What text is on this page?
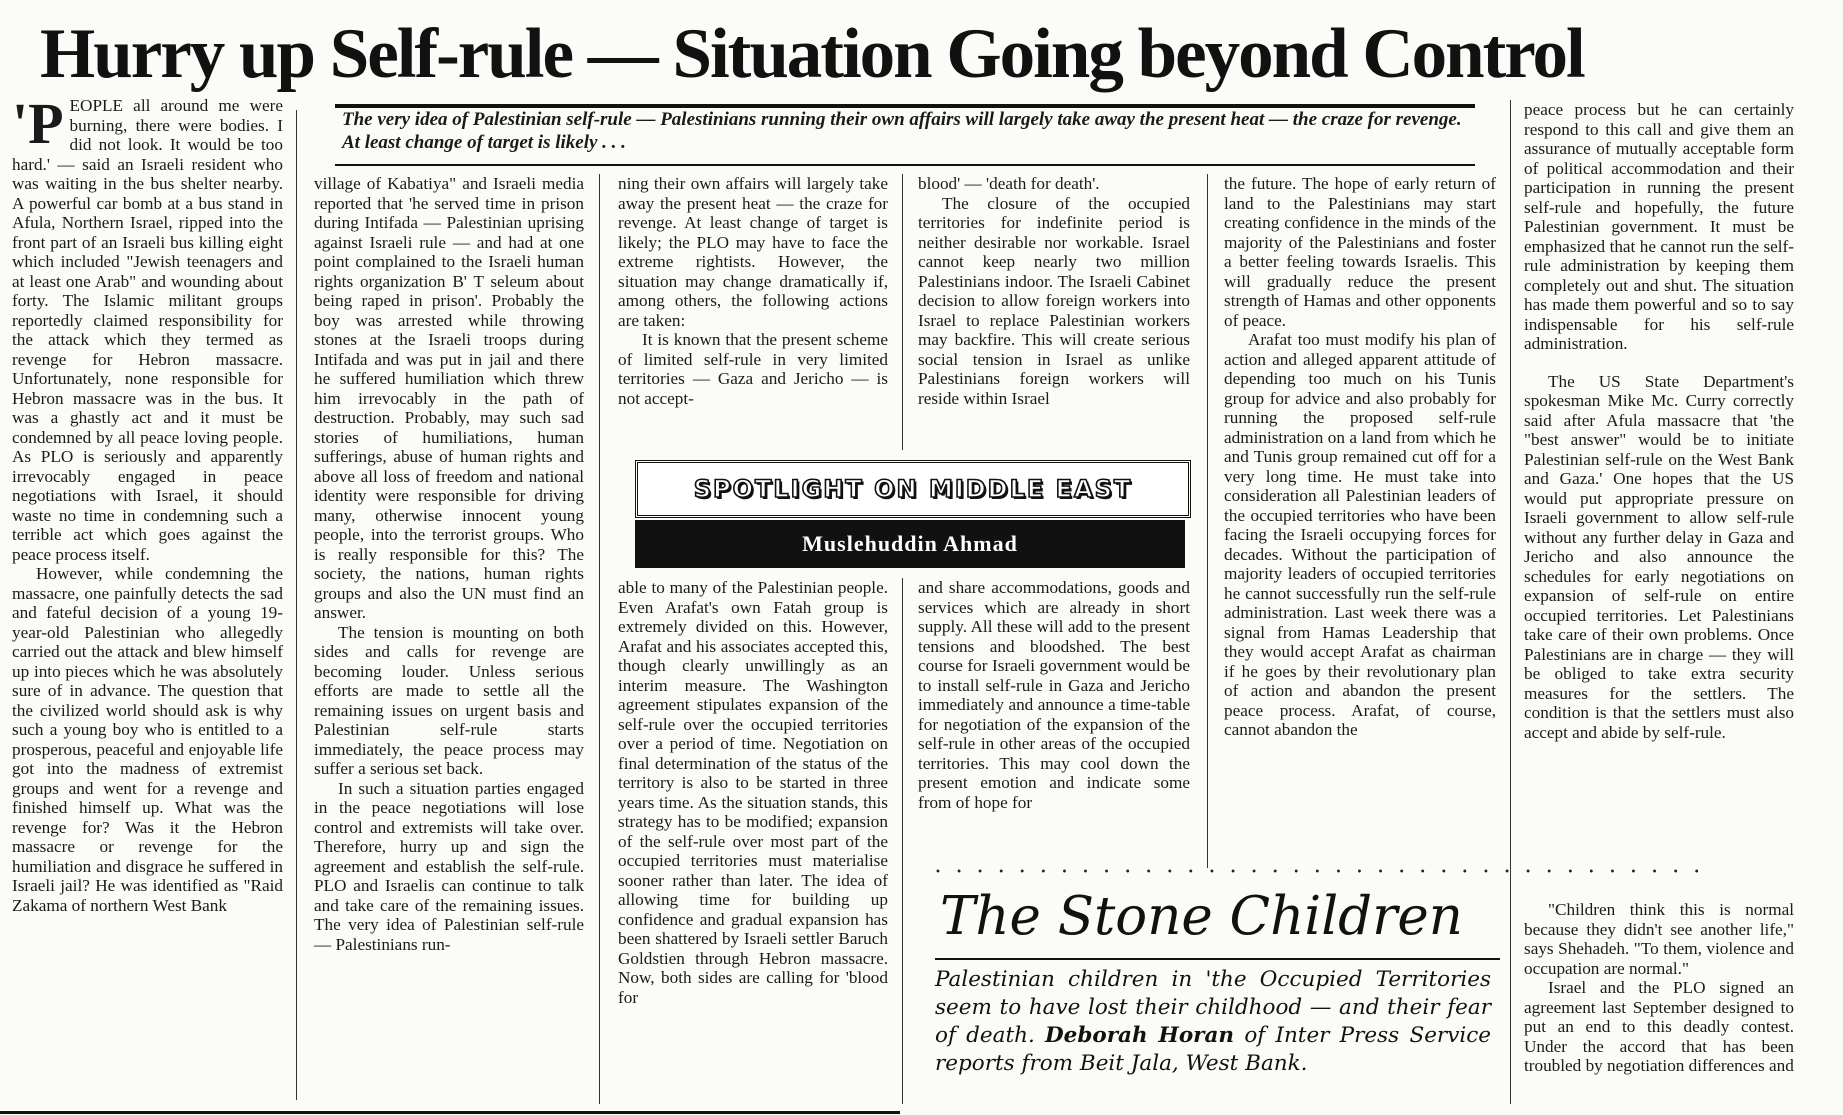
Hurry up Self-rule — Situation Going beyond Control

'PEOPLE all around me were burning, there were bodies. I did not look. It would be too hard.' — said an Israeli resident who was waiting in the bus shelter nearby. A powerful car bomb at a bus stand in Afula, Northern Israel, ripped into the front part of an Israeli bus killing eight which included "Jewish teenagers and at least one Arab" and wounding about forty. The Islamic militant groups reportedly claimed responsibility for the attack which they termed as revenge for Hebron massacre. Unfortunately, none responsible for Hebron massacre was in the bus. It was a ghastly act and it must be condemned by all peace loving people. As PLO is seriously and apparently irrevocably engaged in peace negotiations with Israel, it should waste no time in condemning such a terrible act which goes against the peace process itself.

However, while condemning the massacre, one painfully detects the sad and fateful decision of a young 19-year-old Palestinian who allegedly carried out the attack and blew himself up into pieces which he was absolutely sure of in advance. The question that the civilized world should ask is why such a young boy who is entitled to a prosperous, peaceful and enjoyable life got into the madness of extremist groups and went for a revenge and finished himself up. What was the revenge for? Was it the Hebron massacre or revenge for the humiliation and disgrace he suffered in Israeli jail? He was identified as "Raid Zakama of northern West Bank

The very idea of Palestinian self-rule — Palestinians running their own affairs will largely take away the present heat — the craze for revenge. At least change of target is likely . . .

village of Kabatiya" and Israeli media reported that 'he served time in prison during Intifada — Palestinian uprising against Israeli rule — and had at one point complained to the Israeli human rights organization B' T seleum about being raped in prison'. Probably the boy was arrested while throwing stones at the Israeli troops during Intifada and was put in jail and there he suffered humiliation which threw him irrevocably in the path of destruction. Probably, may such sad stories of humiliations, human sufferings, abuse of human rights and above all loss of freedom and national identity were responsible for driving many, otherwise innocent young people, into the terrorist groups. Who is really responsible for this? The society, the nations, human rights groups and also the UN must find an answer.

The tension is mounting on both sides and calls for revenge are becoming louder. Unless serious efforts are made to settle all the remaining issues on urgent basis and Palestinian self-rule starts immediately, the peace process may suffer a serious set back.

In such a situation parties engaged in the peace negotiations will lose control and extremists will take over. Therefore, hurry up and sign the agreement and establish the self-rule. PLO and Israelis can continue to talk and take care of the remaining issues. The very idea of Palestinian self-rule — Palestinians run-

ning their own affairs will largely take away the present heat — the craze for revenge. At least change of target is likely; the PLO may have to face the extreme rightists. However, the situation may change dramatically if, among others, the following actions are taken:

It is known that the present scheme of limited self-rule in very limited territories — Gaza and Jericho — is not accept-

blood' — 'death for death'.

The closure of the occupied territories for indefinite period is neither desirable nor workable. Israel cannot keep nearly two million Palestinians indoor. The Israeli Cabinet decision to allow foreign workers into Israel to replace Palestinian workers may backfire. This will create serious social tension in Israel as unlike Palestinians foreign workers will reside within Israel

SPOTLIGHT ON MIDDLE EAST
Muslehuddin Ahmad

able to many of the Palestinian people. Even Arafat's own Fatah group is extremely divided on this. However, Arafat and his associates accepted this, though clearly unwillingly as an interim measure. The Washington agreement stipulates expansion of the self-rule over the occupied territories over a period of time. Negotiation on final determination of the status of the territory is also to be started in three years time. As the situation stands, this strategy has to be modified; expansion of the self-rule over most part of the occupied territories must materialise sooner rather than later. The idea of allowing time for building up confidence and gradual expansion has been shattered by Israeli settler Baruch Goldstien through Hebron massacre. Now, both sides are calling for 'blood for

and share accommodations, goods and services which are already in short supply. All these will add to the present tensions and bloodshed. The best course for Israeli government would be to install self-rule in Gaza and Jericho immediately and announce a time-table for negotiation of the expansion of the self-rule in other areas of the occupied territories. This may cool down the present emotion and indicate some from of hope for

the future. The hope of early return of land to the Palestinians may start creating confidence in the minds of the majority of the Palestinians and foster a better feeling towards Israelis. This will gradually reduce the present strength of Hamas and other opponents of peace.

Arafat too must modify his plan of action and alleged apparent attitude of depending too much on his Tunis group for advice and also probably for running the proposed self-rule administration on a land from which he and Tunis group remained cut off for a very long time. He must take into consideration all Palestinian leaders of the occupied territories who have been facing the Israeli occupying forces for decades. Without the participation of majority leaders of occupied territories he cannot successfully run the self-rule administration. Last week there was a signal from Hamas Leadership that they would accept Arafat as chairman if he goes by their revolutionary plan of action and abandon the present peace process. Arafat, of course, cannot abandon the

peace process but he can certainly respond to this call and give them an assurance of mutually acceptable form of political accommodation and their participation in running the present self-rule and hopefully, the future Palestinian government. It must be emphasized that he cannot run the self-rule administration by keeping them completely out and shut. The situation has made them powerful and so to say indispensable for his self-rule administration.

The US State Department's spokesman Mike Mc. Curry correctly said after Afula massacre that 'the "best answer" would be to initiate Palestinian self-rule on the West Bank and Gaza.' One hopes that the US would put appropriate pressure on Israeli government to allow self-rule without any further delay in Gaza and Jericho and also announce the schedules for early negotiations on expansion of self-rule on entire occupied territories. Let Palestinians take care of their own problems. Once Palestinians are in charge — they will be obliged to take extra security measures for the settlers. The condition is that the settlers must also accept and abide by self-rule.

• • • • • • • • • • • • • • • • • • • • • • • • • • • • • • • • • • • • •
The Stone Children
Palestinian children in 'the Occupied Territories seem to have lost their childhood — and their fear of death. Deborah Horan of Inter Press Service reports from Beit Jala, West Bank.

"Children think this is normal because they didn't see another life," says Shehadeh. "To them, violence and occupation are normal."

Israel and the PLO signed an agreement last September designed to put an end to this deadly contest. Under the accord that has been troubled by negotiation differences and
